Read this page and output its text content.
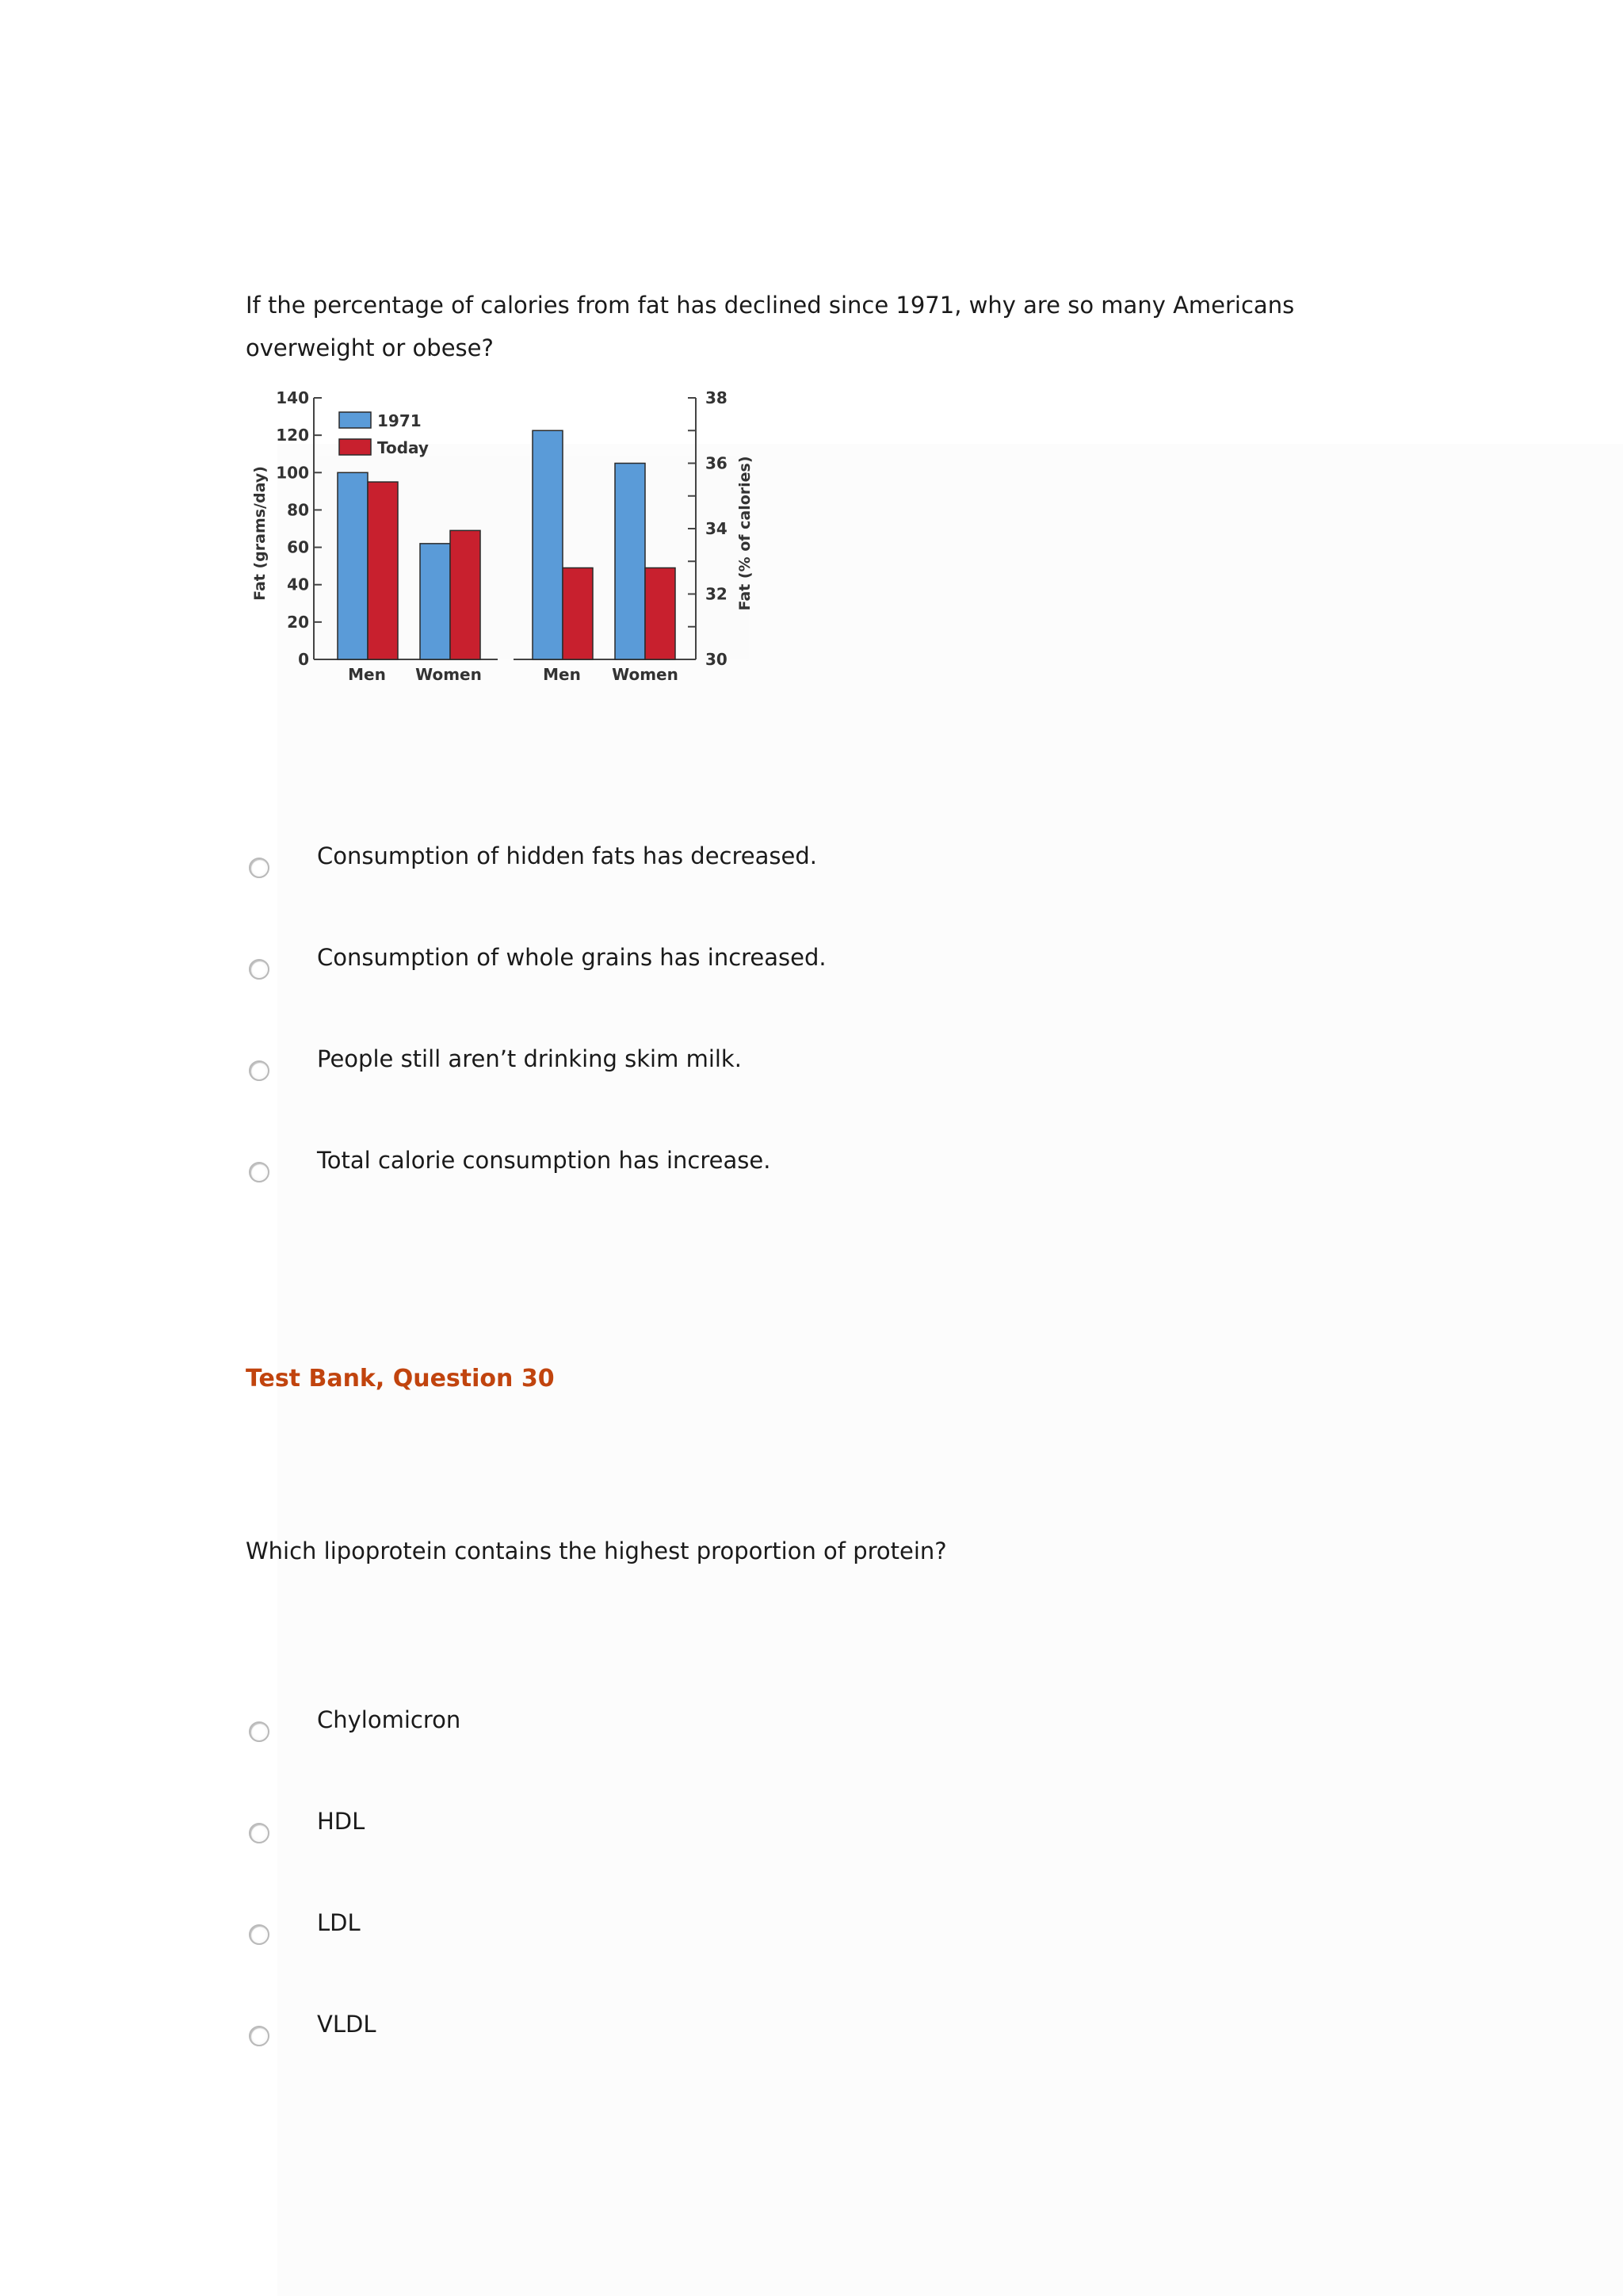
If the percentage of calories from fat has declined since 1971, why are so many Americans overweight or obese?
0
20
40
60
80
100
120
140
30
32
34
36
38
Men Women	Men Women
1971
Today
Fat (grams/day)	Fat (% of calories)
Consumption of hidden fats has decreased.
Consumption of whole grains has increased.
People still aren’t drinking skim milk.
Total calorie consumption has increase.
Test Bank, Question 30
Which lipoprotein contains the highest proportion of protein?
Chylomicron
HDL
LDL
VLDL
